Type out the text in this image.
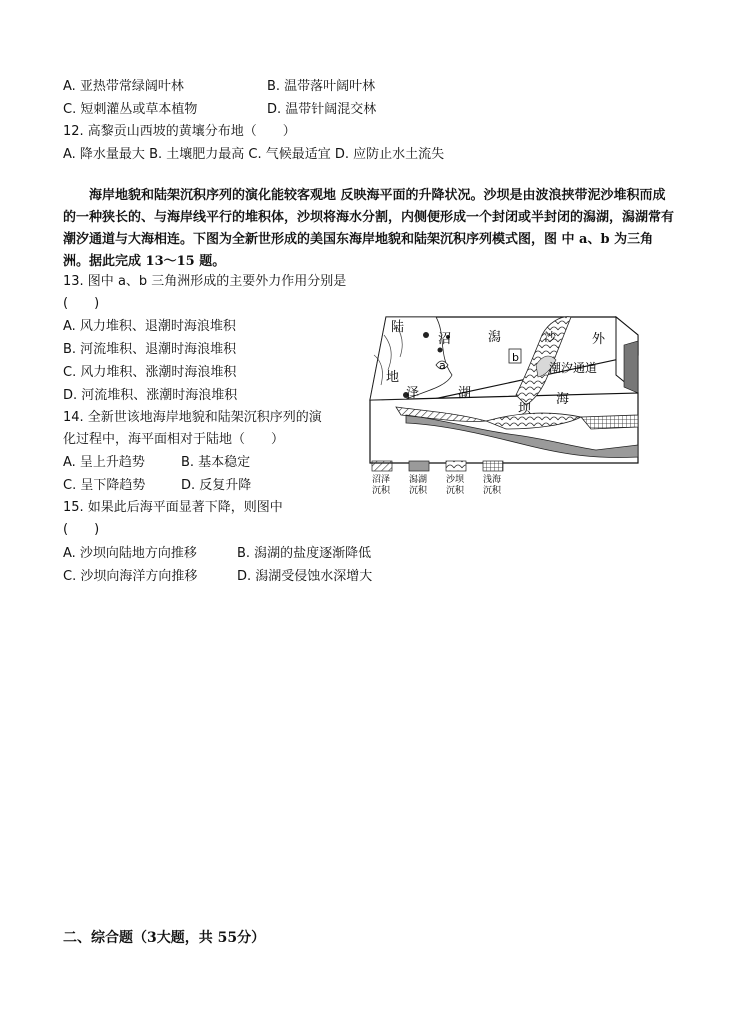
A. 亚热带常绿阔叶林	B. 温带落叶阔叶林
C. 短刺灌丛或草本植物	D. 温带针阔混交林
12. 高黎贡山西坡的黄壤分布地（　　）
A. 降水量最大 B. 土壤肥力最高 C. 气候最适宜 D. 应防止水土流失
海岸地貌和陆架沉积序列的演化能较客观地 反映海平面的升降状况。沙坝是由波浪挟带泥沙堆积而成的一种狭长的、与海岸线平行的堆积体，沙坝将海水分割，内侧便形成一个封闭或半封闭的潟湖，潟湖常有潮汐通道与大海相连。下图为全新世形成的美国东海岸地貌和陆架沉积序列模式图，图 中 a、b 为三角洲。据此完成 13～15 题。
13. 图中 a、b 三角洲形成的主要外力作用分别是
(　　)
A. 风力堆积、退潮时海浪堆积
B. 河流堆积、退潮时海浪堆积
C. 风力堆积、涨潮时海浪堆积
D. 河流堆积、涨潮时海浪堆积
14. 全新世该地海岸地貌和陆架沉积序列的演
化过程中，海平面相对于陆地（　　）
A. 呈上升趋势	B. 基本稳定
C. 呈下降趋势	D. 反复升降
15. 如果此后海平面显著下降，则图中
(　　)
A. 沙坝向陆地方向推移	B. 潟湖的盐度逐渐降低
C. 沙坝向海洋方向推移	D. 潟湖受侵蚀水深增大
陆
地
沼
泽
潟
湖
外
潮汐通道
海
沙
坝
a
b
沼泽
沉积
潟湖
沉积
沙坝
沉积
浅海
沉积
二、综合题（3大题，共 55分）
